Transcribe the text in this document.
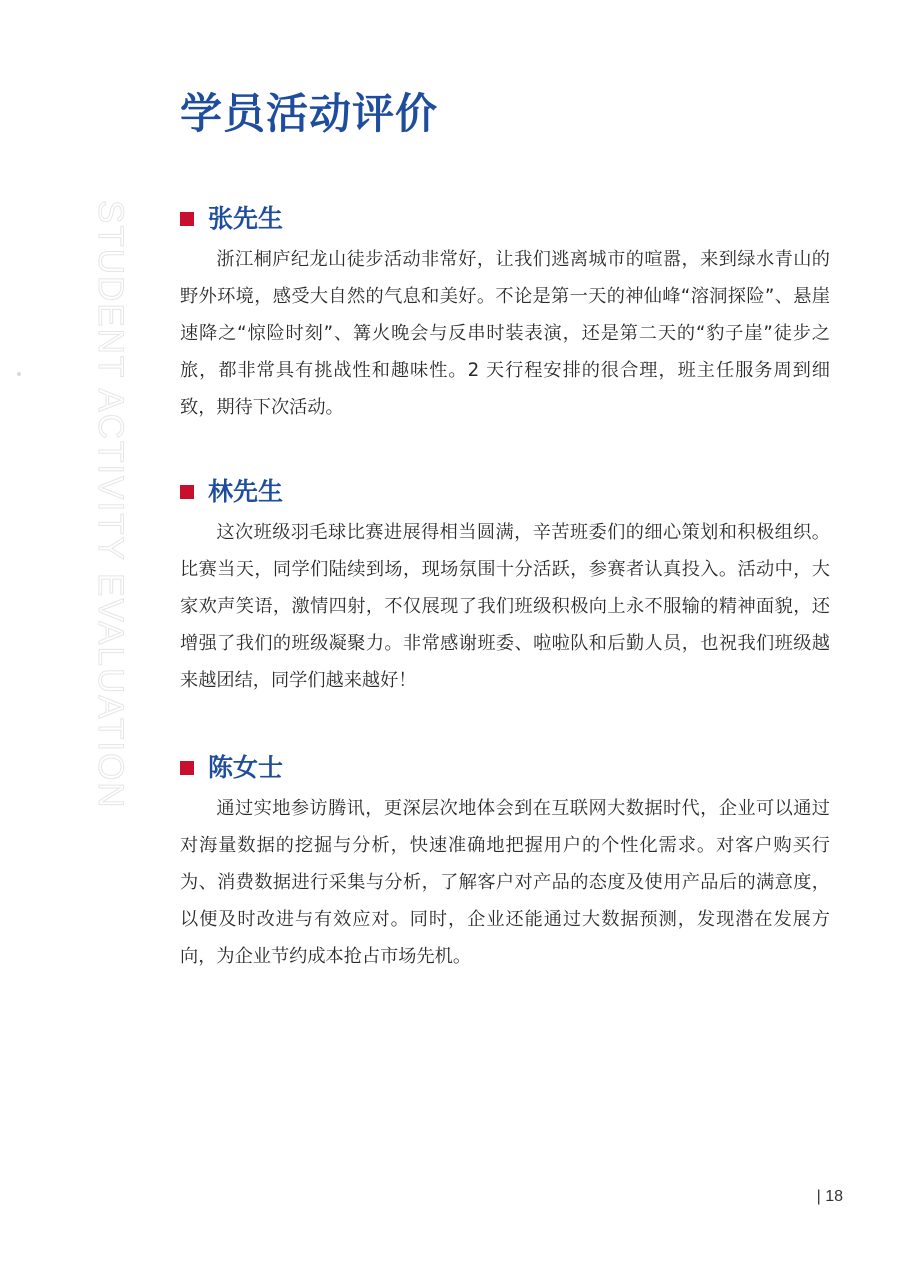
STUDENT ACTIVITY EVALUATION
学员活动评价
张先生

浙江桐庐纪龙山徒步活动非常好，让我们逃离城市的喧嚣，来到绿水青山的野外环境，感受大自然的气息和美好。不论是第一天的神仙峰“溶洞探险”、悬崖速降之“惊险时刻”、篝火晚会与反串时装表演，还是第二天的“豹子崖”徒步之旅，都非常具有挑战性和趣味性。2 天行程安排的很合理，班主任服务周到细致，期待下次活动。

林先生

这次班级羽毛球比赛进展得相当圆满，辛苦班委们的细心策划和积极组织。比赛当天，同学们陆续到场，现场氛围十分活跃，参赛者认真投入。活动中，大家欢声笑语，激情四射，不仅展现了我们班级积极向上永不服输的精神面貌，还增强了我们的班级凝聚力。非常感谢班委、啦啦队和后勤人员，也祝我们班级越来越团结，同学们越来越好！

陈女士

通过实地参访腾讯，更深层次地体会到在互联网大数据时代，企业可以通过对海量数据的挖掘与分析，快速准确地把握用户的个性化需求。对客户购买行为、消费数据进行采集与分析，了解客户对产品的态度及使用产品后的满意度，以便及时改进与有效应对。同时，企业还能通过大数据预测，发现潜在发展方向，为企业节约成本抢占市场先机。

| 18
